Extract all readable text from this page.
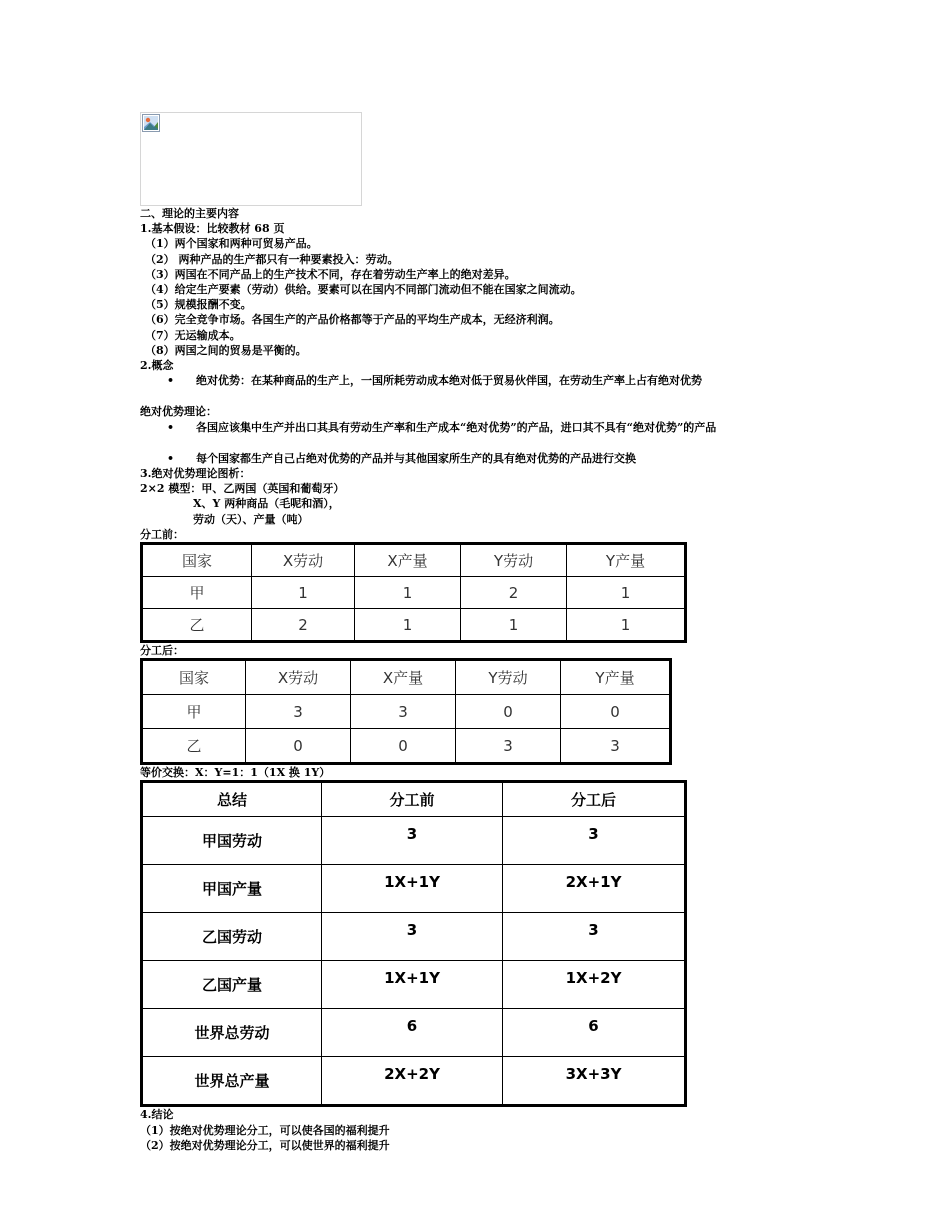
二、理论的主要内容
1.基本假设：比较教材 68 页
（1）两个国家和两种可贸易产品。
（2） 两种产品的生产都只有一种要素投入：劳动。
（3）两国在不同产品上的生产技术不同，存在着劳动生产率上的绝对差异。
（4）给定生产要素（劳动）供给。要素可以在国内不同部门流动但不能在国家之间流动。
（5）规模报酬不变。
（6）完全竞争市场。各国生产的产品价格都等于产品的平均生产成本，无经济利润。
（7）无运输成本。
（8）两国之间的贸易是平衡的。
2.概念
• 绝对优势：在某种商品的生产上，一国所耗劳动成本绝对低于贸易伙伴国，在劳动生产率上占有绝对优势
绝对优势理论：
• 各国应该集中生产并出口其具有劳动生产率和生产成本“绝对优势”的产品，进口其不具有“绝对优势”的产品
• 每个国家都生产自己占绝对优势的产品并与其他国家所生产的具有绝对优势的产品进行交换
3.绝对优势理论图析：
2×2 模型：甲、乙两国（英国和葡萄牙）
X、Y 两种商品（毛呢和酒），
劳动（天）、产量（吨）
分工前：
国家	X劳动	X产量	Y劳动	Y产量
甲	1	1	2	1
乙	2	1	1	1
分工后：
国家	X劳动	X产量	Y劳动	Y产量
甲	3	3	0	0
乙	0	0	3	3
等价交换：X：Y=1：1（1X 换 1Y）
总结	分工前	分工后
甲国劳动	3	3
甲国产量	1X+1Y	2X+1Y
乙国劳动	3	3
乙国产量	1X+1Y	1X+2Y
世界总劳动	6	6
世界总产量	2X+2Y	3X+3Y
4.结论
（1）按绝对优势理论分工，可以使各国的福利提升
（2）按绝对优势理论分工，可以使世界的福利提升
